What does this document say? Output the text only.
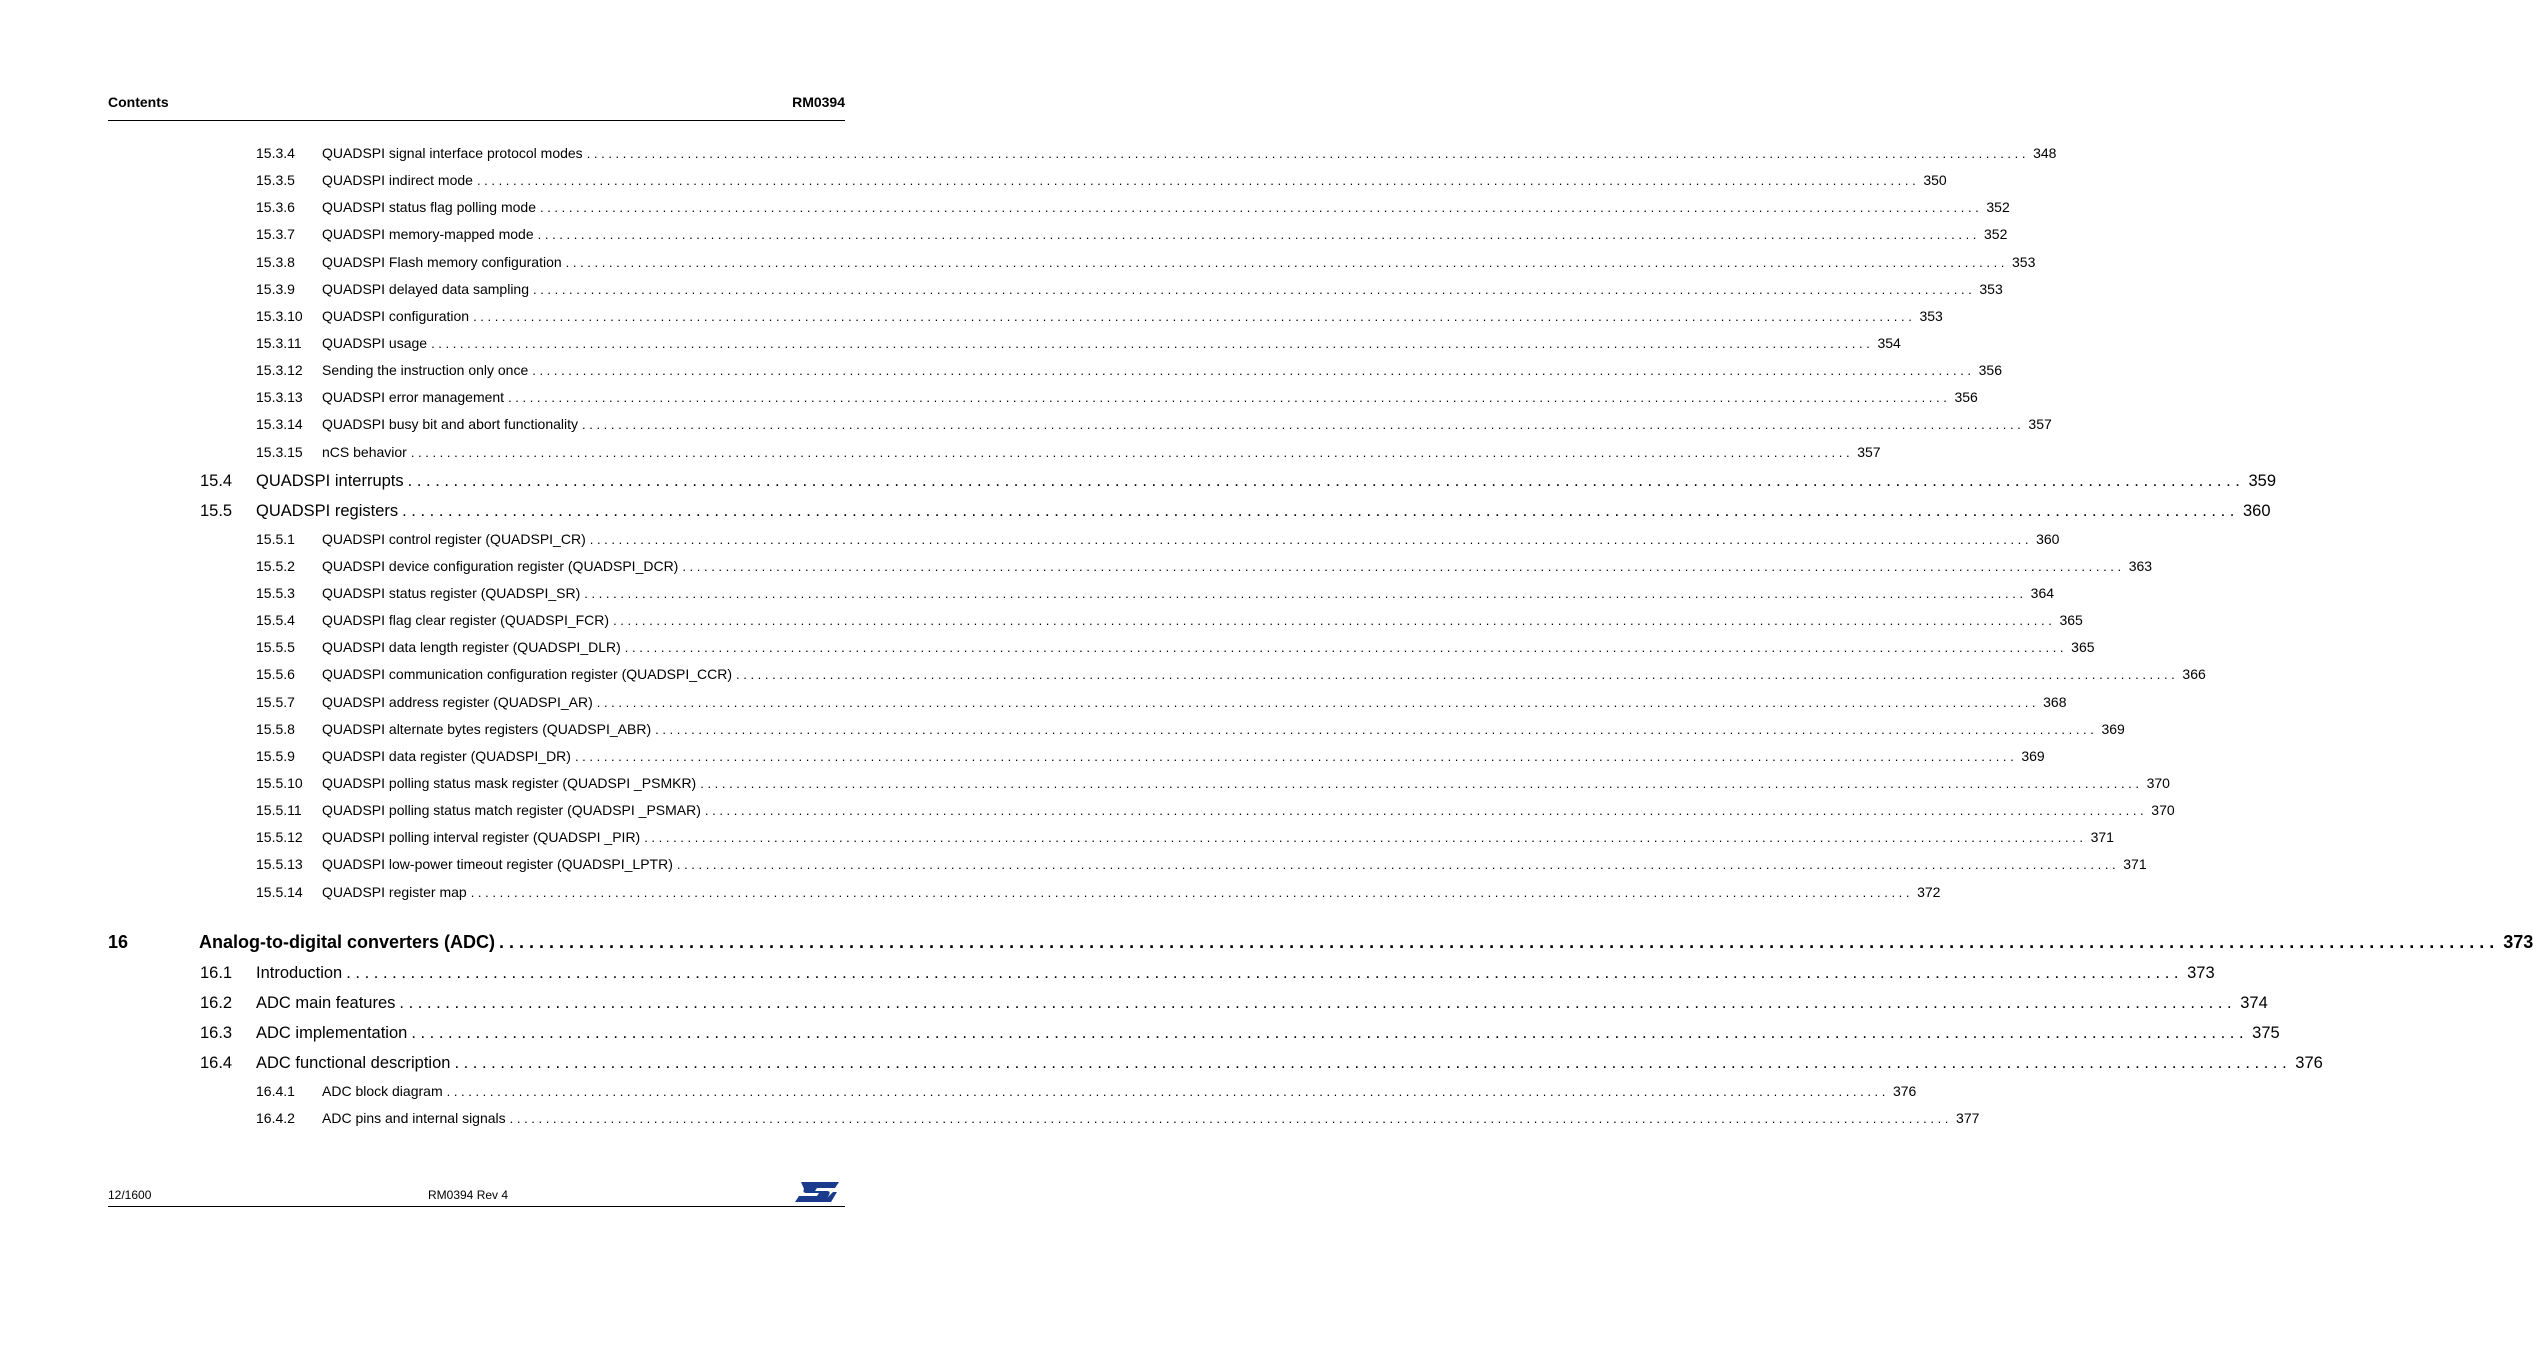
Contents	RM0394
15.3.4	QUADSPI signal interface protocol modes ........................................................................................................................................................................................................ 348
15.3.5	QUADSPI indirect mode ........................................................................................................................................................................................................ 350
15.3.6	QUADSPI status flag polling mode ........................................................................................................................................................................................................ 352
15.3.7	QUADSPI memory-mapped mode ........................................................................................................................................................................................................ 352
15.3.8	QUADSPI Flash memory configuration ........................................................................................................................................................................................................ 353
15.3.9	QUADSPI delayed data sampling ........................................................................................................................................................................................................ 353
15.3.10	QUADSPI configuration ........................................................................................................................................................................................................ 353
15.3.11	QUADSPI usage ........................................................................................................................................................................................................ 354
15.3.12	Sending the instruction only once ........................................................................................................................................................................................................ 356
15.3.13	QUADSPI error management ........................................................................................................................................................................................................ 356
15.3.14	QUADSPI busy bit and abort functionality ........................................................................................................................................................................................................ 357
15.3.15	nCS behavior ........................................................................................................................................................................................................ 357
15.4	QUADSPI interrupts ........................................................................................................................................................................................................ 359
15.5	QUADSPI registers ........................................................................................................................................................................................................ 360
15.5.1	QUADSPI control register (QUADSPI_CR) ........................................................................................................................................................................................................ 360
15.5.2	QUADSPI device configuration register (QUADSPI_DCR) ........................................................................................................................................................................................................ 363
15.5.3	QUADSPI status register (QUADSPI_SR) ........................................................................................................................................................................................................ 364
15.5.4	QUADSPI flag clear register (QUADSPI_FCR) ........................................................................................................................................................................................................ 365
15.5.5	QUADSPI data length register (QUADSPI_DLR) ........................................................................................................................................................................................................ 365
15.5.6	QUADSPI communication configuration register (QUADSPI_CCR) ........................................................................................................................................................................................................ 366
15.5.7	QUADSPI address register (QUADSPI_AR) ........................................................................................................................................................................................................ 368
15.5.8	QUADSPI alternate bytes registers (QUADSPI_ABR) ........................................................................................................................................................................................................ 369
15.5.9	QUADSPI data register (QUADSPI_DR) ........................................................................................................................................................................................................ 369
15.5.10	QUADSPI polling status mask register (QUADSPI _PSMKR) ........................................................................................................................................................................................................ 370
15.5.11	QUADSPI polling status match register (QUADSPI _PSMAR) ........................................................................................................................................................................................................ 370
15.5.12	QUADSPI polling interval register (QUADSPI _PIR) ........................................................................................................................................................................................................ 371
15.5.13	QUADSPI low-power timeout register (QUADSPI_LPTR) ........................................................................................................................................................................................................ 371
15.5.14	QUADSPI register map ........................................................................................................................................................................................................ 372
16	Analog-to-digital converters (ADC) ........................................................................................................................................................................................................ 373
16.1	Introduction ........................................................................................................................................................................................................ 373
16.2	ADC main features ........................................................................................................................................................................................................ 374
16.3	ADC implementation ........................................................................................................................................................................................................ 375
16.4	ADC functional description ........................................................................................................................................................................................................ 376
16.4.1	ADC block diagram ........................................................................................................................................................................................................ 376
16.4.2	ADC pins and internal signals ........................................................................................................................................................................................................ 377
12/1600	RM0394 Rev 4
